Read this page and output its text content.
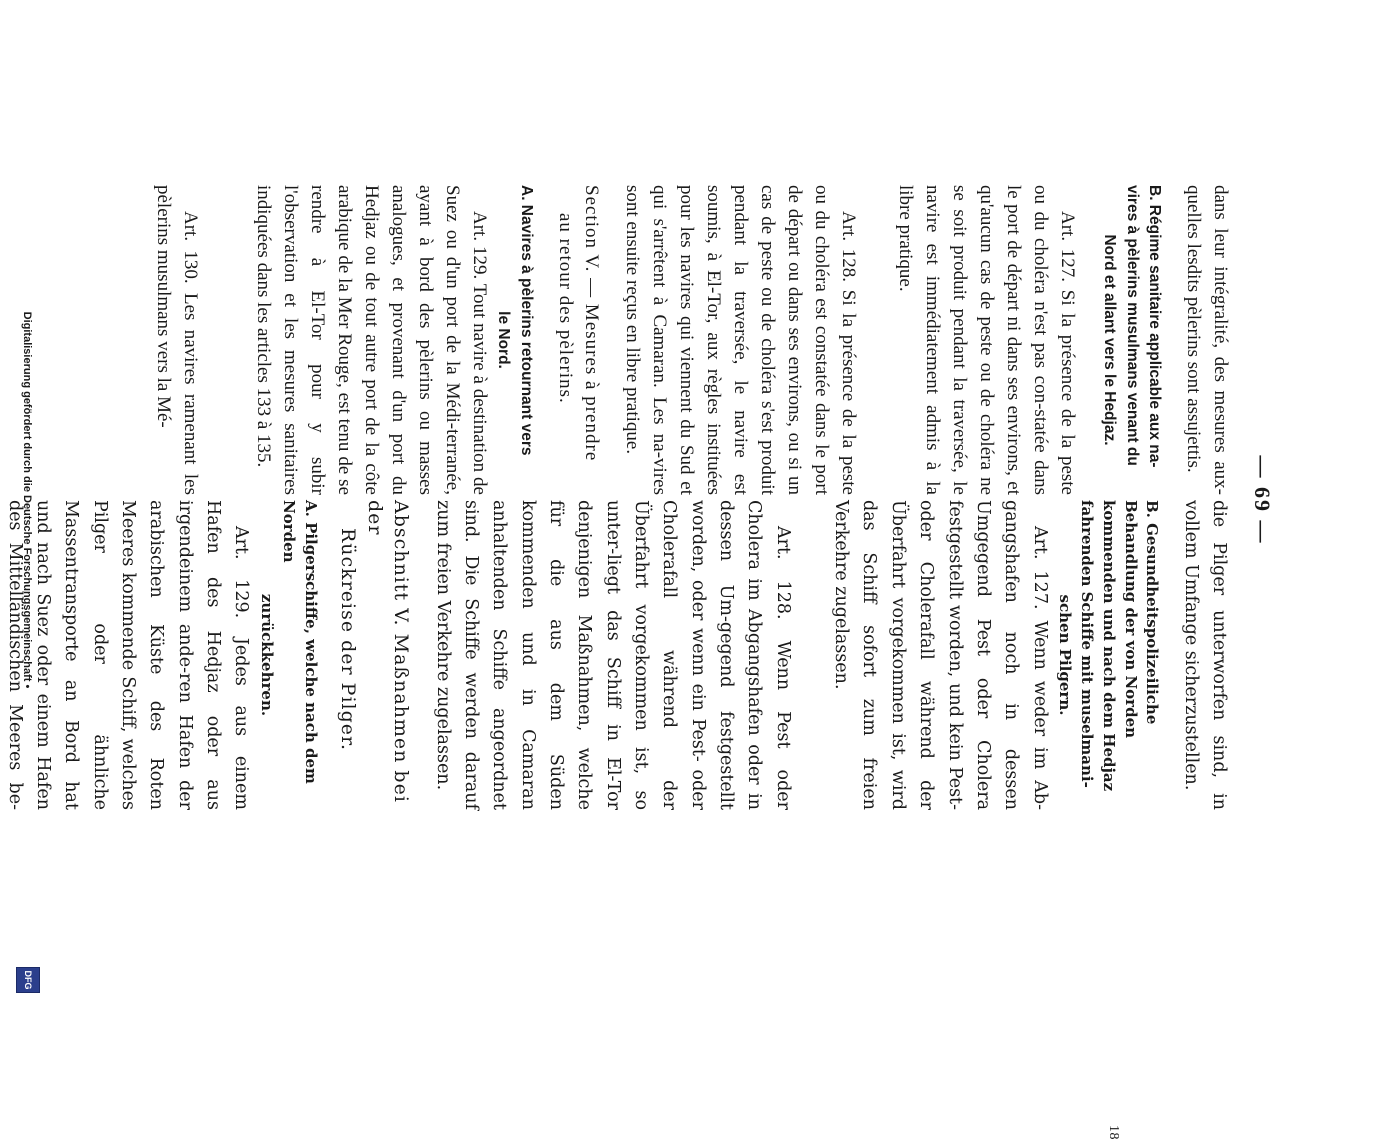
— 69 —

dans leur intégralité, des mesures aux-quelles lesdits pèlerins sont assujettis.

B. Régime sanitaire applicable aux na-vires à pèlerins musulmans venant du
Nord et allant vers le Hedjaz.

Art. 127. Si la présence de la peste ou du choléra n'est pas con-statée dans le port de départ ni dans ses environs, et qu'aucun cas de peste ou de choléra ne se soit produit pendant la traversée, le navire est immédiatement admis à la libre pratique.

Art. 128. Si la présence de la peste ou du choléra est constatée dans le port de départ ou dans ses environs, ou si un cas de peste ou de choléra s'est produit pendant la traversée, le navire est soumis, à El-Tor, aux règles instituées pour les navires qui viennent du Sud et qui s'arrêtent à Camaran. Les na-vires sont ensuite reçus en libre pratique.

Section V. — Mesures à prendre
au retour des pèlerins.
A. Navires à pèlerins retournant vers
le Nord.

Art. 129. Tout navire à destination de Suez ou d'un port de la Médi-terranée, ayant à bord des pèlerins ou masses analogues, et provenant d'un port du Hedjaz ou de tout autre port de la côte arabique de la Mer Rouge, est tenu de se rendre à El-Tor pour y subir l'observation et les mesures sanitaires indiquées dans les articles 133 à 135.

Art. 130. Les navires ramenant les pèlerins musulmans vers la Mé-

die Pilger unterworfen sind, in vollem Umfange sicherzustellen.

B. Gesundheitspolizeiliche Behandlung der von Norden kommenden und nach dem Hedjaz fahrenden Schiffe mit muselmani-
schen Pilgern.

Art. 127. Wenn weder im Ab-gangshafen noch in dessen Umgegend Pest oder Cholera festgestellt worden, und kein Pest- oder Cholerafall während der Überfahrt vorgekommen ist, wird das Schiff sofort zum freien Verkehre zugelassen.

Art. 128. Wenn Pest oder Cholera im Abgangshafen oder in dessen Um-gegend festgestellt worden, oder wenn ein Pest- oder Cholerafall während der Überfahrt vorgekommen ist, so unter-liegt das Schiff in El-Tor denjenigen Maßnahmen, welche für die aus dem Süden kommenden und in Camaran anhaltenden Schiffe angeordnet sind. Die Schiffe werden darauf zum freien Verkehre zugelassen.

Abschnitt V. Maßnahmen bei der
Rückreise der Pilger.
A. Pilgerschiffe, welche nach dem Norden
zurückkehren.

Art. 129. Jedes aus einem Hafen des Hedjaz oder aus irgendeinem ande-ren Hafen der arabischen Küste des Roten Meeres kommende Schiff, welches Pilger oder ähnliche Massentransporte an Bord hat und nach Suez oder einem Hafen des Mittelländischen Meeres be-

18
Digitalisierung gefördert durch die Deutsche Forschungsgemeinschaft •
DFG
